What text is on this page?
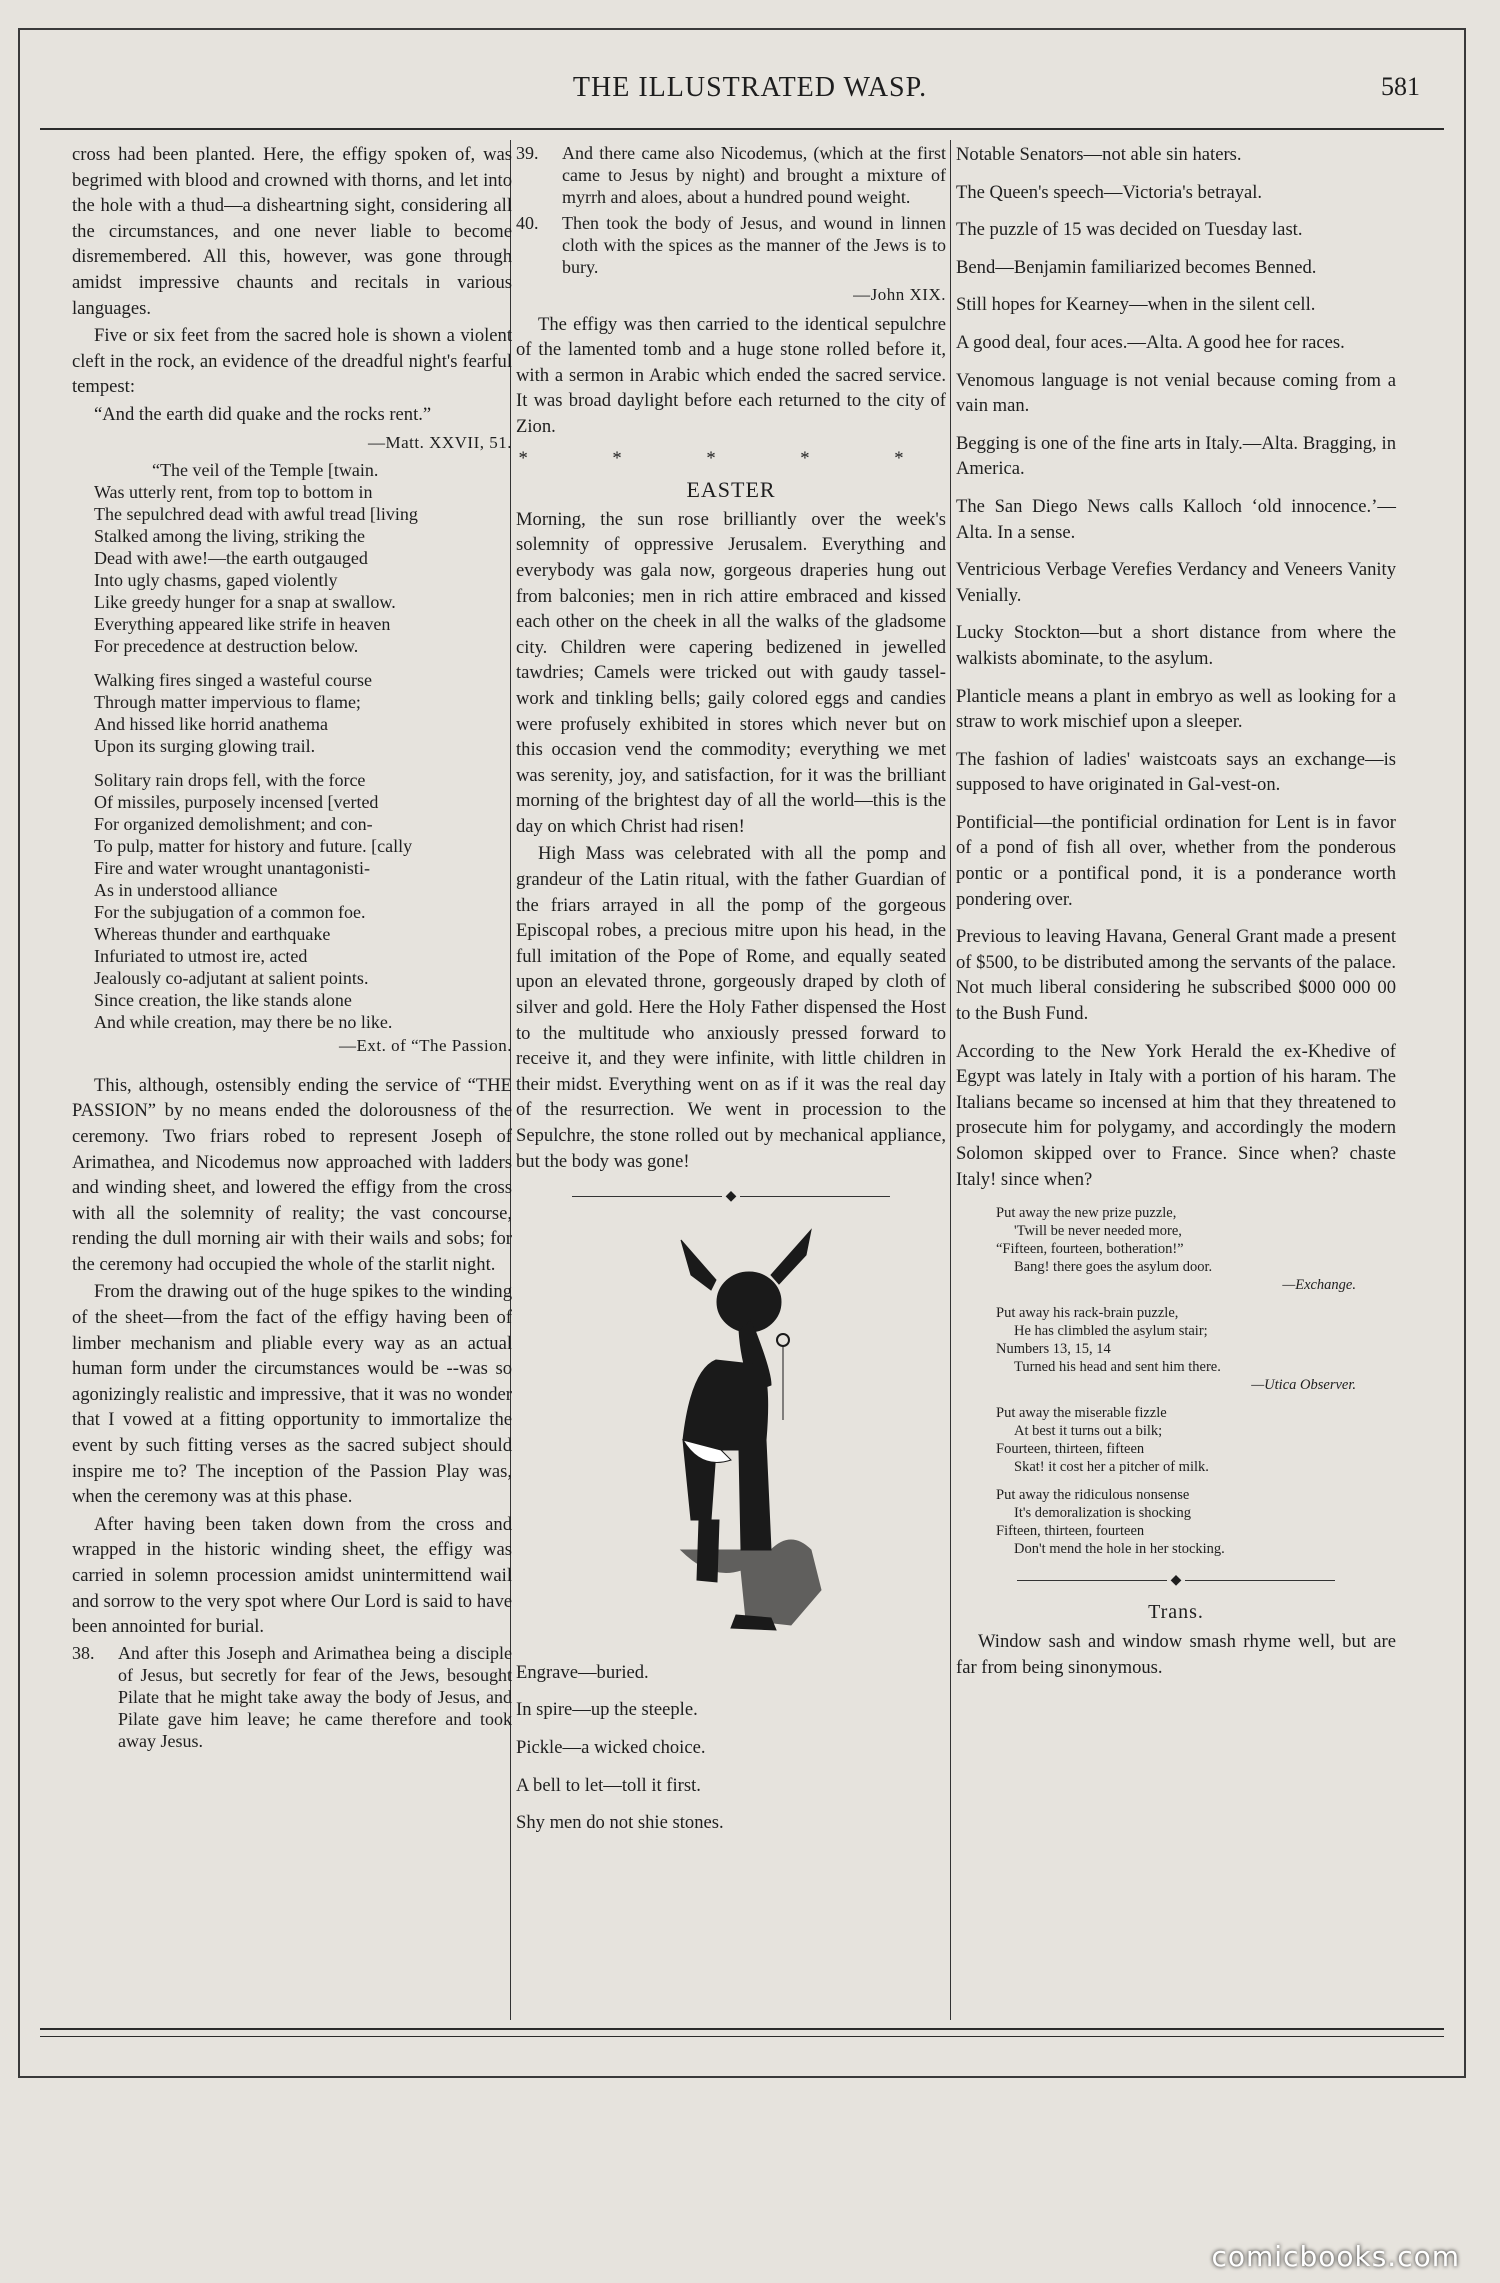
THE ILLUSTRATED WASP.	581

cross had been planted. Here, the effigy spoken of, was begrimed with blood and crowned with thorns, and let into the hole with a thud—a disheartning sight, considering all the circumstances, and one never liable to become disremembered. All this, however, was gone through amidst impressive chaunts and recitals in various languages.

Five or six feet from the sacred hole is shown a violent cleft in the rock, an evidence of the dreadful night's fearful tempest:

“And the earth did quake and the rocks rent.”

—Matt. XXVII, 51.

“The veil of the Temple [twain.
Was utterly rent, from top to bottom in
The sepulchred dead with awful tread [living
Stalked among the living, striking the
Dead with awe!—the earth outgauged
Into ugly chasms, gaped violently
Like greedy hunger for a snap at swallow.
Everything appeared like strife in heaven
For precedence at destruction below.
Walking fires singed a wasteful course
Through matter impervious to flame;
And hissed like horrid anathema
Upon its surging glowing trail.
Solitary rain drops fell, with the force
Of missiles, purposely incensed [verted
For organized demolishment; and con-
To pulp, matter for history and future. [cally
Fire and water wrought unantagonisti-
As in understood alliance
For the subjugation of a common foe.
Whereas thunder and earthquake
Infuriated to utmost ire, acted
Jealously co-adjutant at salient points.
Since creation, the like stands alone
And while creation, may there be no like.
—Ext. of “The Passion.

This, although, ostensibly ending the service of “THE PASSION” by no means ended the dolorousness of the ceremony. Two friars robed to represent Joseph of Arimathea, and Nicodemus now approached with ladders and winding sheet, and lowered the effigy from the cross with all the solemnity of reality; the vast concourse, rending the dull morning air with their wails and sobs; for the ceremony had occupied the whole of the starlit night.

From the drawing out of the huge spikes to the winding of the sheet—from the fact of the effigy having been of limber mechanism and pliable every way as an actual human form under the circumstances would be --was so agonizingly realistic and impressive, that it was no wonder that I vowed at a fitting opportunity to immortalize the event by such fitting verses as the sacred subject should inspire me to? The inception of the Passion Play was, when the ceremony was at this phase.

After having been taken down from the cross and wrapped in the historic winding sheet, the effigy was carried in solemn procession amidst unintermittend wail and sorrow to the very spot where Our Lord is said to have been annointed for burial.

38.	And after this Joseph and Arimathea being a disciple of Jesus, but secretly for fear of the Jews, besought Pilate that he might take away the body of Jesus, and Pilate gave him leave; he came therefore and took away Jesus.
39.	And there came also Nicodemus, (which at the first came to Jesus by night) and brought a mixture of myrrh and aloes, about a hundred pound weight.
40.	Then took the body of Jesus, and wound in linnen cloth with the spices as the manner of the Jews is to bury.

—John XIX.

The effigy was then carried to the identical sepulchre of the lamented tomb and a huge stone rolled before it, with a sermon in Arabic which ended the sacred service. It was broad daylight before each returned to the city of Zion.

* * * * *
EASTER

Morning, the sun rose brilliantly over the week's solemnity of oppressive Jerusalem. Everything and everybody was gala now, gorgeous draperies hung out from balconies; men in rich attire embraced and kissed each other on the cheek in all the walks of the gladsome city. Children were capering bedizened in jewelled tawdries; Camels were tricked out with gaudy tassel-work and tinkling bells; gaily colored eggs and candies were profusely exhibited in stores which never but on this occasion vend the commodity; everything we met was serenity, joy, and satisfaction, for it was the brilliant morning of the brightest day of all the world—this is the day on which Christ had risen!

High Mass was celebrated with all the pomp and grandeur of the Latin ritual, with the father Guardian of the friars arrayed in all the pomp of the gorgeous Episcopal robes, a precious mitre upon his head, in the full imitation of the Pope of Rome, and equally seated upon an elevated throne, gorgeously draped by cloth of silver and gold. Here the Holy Father dispensed the Host to the multitude who anxiously pressed forward to receive it, and they were infinite, with little children in their midst. Everything went on as if it was the real day of the resurrection. We went in procession to the Sepulchre, the stone rolled out by mechanical appliance, but the body was gone!

◆

Engrave—buried.

In spire—up the steeple.

Pickle—a wicked choice.

A bell to let—toll it first.

Shy men do not shie stones.

Notable Senators—not able sin haters.

The Queen's speech—Victoria's betrayal.

The puzzle of 15 was decided on Tuesday last.

Bend—Benjamin familiarized becomes Benned.

Still hopes for Kearney—when in the silent cell.

A good deal, four aces.—Alta. A good hee for races.

Venomous language is not venial because coming from a vain man.

Begging is one of the fine arts in Italy.—Alta. Bragging, in America.

The San Diego News calls Kalloch ‘old innocence.’—Alta. In a sense.

Ventricious Verbage Verefies Verdancy and Veneers Vanity Venially.

Lucky Stockton—but a short distance from where the walkists abominate, to the asylum.

Planticle means a plant in embryo as well as looking for a straw to work mischief upon a sleeper.

The fashion of ladies' waistcoats says an exchange—is supposed to have originated in Gal-vest-on.

Pontificial—the pontificial ordination for Lent is in favor of a pond of fish all over, whether from the ponderous pontic or a pontifical pond, it is a ponderance worth pondering over.

Previous to leaving Havana, General Grant made a present of $500, to be distributed among the servants of the palace. Not much liberal considering he subscribed $000 000 00 to the Bush Fund.

According to the New York Herald the ex-Khedive of Egypt was lately in Italy with a portion of his haram. The Italians became so incensed at him that they threatened to prosecute him for polygamy, and accordingly the modern Solomon skipped over to France. Since when? chaste Italy! since when?

Put away the new prize puzzle,
'Twill be never needed more,
“Fifteen, fourteen, botheration!”
Bang! there goes the asylum door.
—Exchange.
Put away his rack-brain puzzle,
He has climbled the asylum stair;
Numbers 13, 15, 14
Turned his head and sent him there.
—Utica Observer.
Put away the miserable fizzle
At best it turns out a bilk;
Fourteen, thirteen, fifteen
Skat! it cost her a pitcher of milk.
Put away the ridiculous nonsense
It's demoralization is shocking
Fifteen, thirteen, fourteen
Don't mend the hole in her stocking.
◆
Trans.

Window sash and window smash rhyme well, but are far from being sinonymous.

comicbooks.com
